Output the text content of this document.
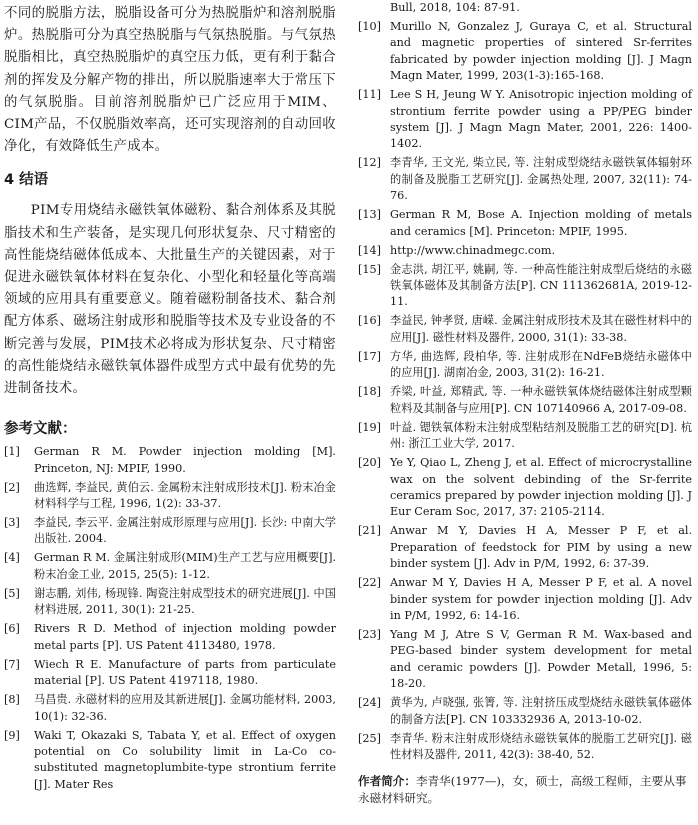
不同的脱脂方法，脱脂设备可分为热脱脂炉和溶剂脱脂炉。热脱脂可分为真空热脱脂与气氛热脱脂。与气氛热脱脂相比，真空热脱脂炉的真空压力低，更有利于黏合剂的挥发及分解产物的排出，所以脱脂速率大于常压下的气氛脱脂。目前溶剂脱脂炉已广泛应用于MIM、CIM产品，不仅脱脂效率高，还可实现溶剂的自动回收净化，有效降低生产成本。

4 结语

PIM专用烧结永磁铁氧体磁粉、黏合剂体系及其脱脂技术和生产装备，是实现几何形状复杂、尺寸精密的高性能烧结磁体低成本、大批量生产的关键因素，对于促进永磁铁氧体材料在复杂化、小型化和轻量化等高端领域的应用具有重要意义。随着磁粉制备技术、黏合剂配方体系、磁场注射成形和脱脂等技术及专业设备的不断完善与发展，PIM技术必将成为形状复杂、尺寸精密的高性能烧结永磁铁氧体器件成型方式中最有优势的先进制备技术。

参考文献：
[1]	German R M. Powder injection molding [M]. Princeton, NJ: MPIF, 1990.
[2]	曲选辉, 李益民, 黄伯云. 金属粉末注射成形技术[J]. 粉末冶金材料科学与工程, 1996, 1(2): 33-37.
[3]	李益民, 李云平. 金属注射成形原理与应用[J]. 长沙: 中南大学出版社. 2004.
[4]	German R M. 金属注射成形(MIM)生产工艺与应用概要[J]. 粉末冶金工业, 2015, 25(5): 1-12.
[5]	谢志鹏, 刘伟, 杨现锋. 陶瓷注射成型技术的研究进展[J]. 中国材料进展, 2011, 30(1): 21-25.
[6]	Rivers R D. Method of injection molding powder metal parts [P]. US Patent 4113480, 1978.
[7]	Wiech R E. Manufacture of parts from particulate material [P]. US Patent 4197118, 1980.
[8]	马昌贵. 永磁材料的应用及其新进展[J]. 金属功能材料, 2003, 10(1): 32-36.
[9]	Waki T, Okazaki S, Tabata Y, et al. Effect of oxygen potential on Co solubility limit in La-Co co-substituted magnetoplumbite-type strontium ferrite [J]. Mater Res
Bull, 2018, 104: 87-91.
[10] Murillo N, Gonzalez J, Guraya C, et al. Structural and magnetic properties of sintered Sr-ferrites fabricated by powder injection molding [J]. J Magn Magn Mater, 1999, 203(1-3):165-168.
[11] Lee S H, Jeung W Y. Anisotropic injection molding of strontium ferrite powder using a PP/PEG binder system [J]. J Magn Magn Mater, 2001, 226: 1400-1402.
[12] 李青华, 王文光, 柴立民, 等. 注射成型烧结永磁铁氧体辐射环的制备及脱脂工艺研究[J]. 金属热处理, 2007, 32(11): 74-76.
[13] German R M, Bose A. Injection molding of metals and ceramics [M]. Princeton: MPIF, 1995.
[14] http://www.chinadmegc.com.
[15] 金志洪, 胡江平, 姚嗣, 等. 一种高性能注射成型后烧结的永磁铁氧体磁体及其制备方法[P]. CN 111362681A, 2019-12-11.
[16] 李益民, 钟孝贤, 唐嵘. 金属注射成形技术及其在磁性材料中的应用[J]. 磁性材料及器件, 2000, 31(1): 33-38.
[17] 方华, 曲选辉, 段柏华, 等. 注射成形在NdFeB烧结永磁体中的应用[J]. 湖南冶金, 2003, 31(2): 16-21.
[18] 乔梁, 叶益, 郑精武, 等. 一种永磁铁氧体烧结磁体注射成型颗粒料及其制备与应用[P]. CN 107140966 A, 2017-09-08.
[19] 叶益. 锶铁氧体粉末注射成型粘结剂及脱脂工艺的研究[D]. 杭州: 浙江工业大学, 2017.
[20] Ye Y, Qiao L, Zheng J, et al. Effect of microcrystalline wax on the solvent debinding of the Sr-ferrite ceramics prepared by powder injection molding [J]. J Eur Ceram Soc, 2017, 37: 2105-2114.
[21] Anwar M Y, Davies H A, Messer P F, et al. Preparation of feedstock for PIM by using a new binder system [J]. Adv in P/M, 1992, 6: 37-39.
[22] Anwar M Y, Davies H A, Messer P F, et al. A novel binder system for powder injection molding [J]. Adv in P/M, 1992, 6: 14-16.
[23] Yang M J, Atre S V, German R M. Wax-based and PEG-based binder system development for metal and ceramic powders [J]. Powder Metall, 1996, 5: 18-20.
[24] 黄华为, 卢晓强, 张箐, 等. 注射挤压成型烧结永磁铁氧体磁体的制备方法[P]. CN 103332936 A, 2013-10-02.
[25] 李青华. 粉末注射成形烧结永磁铁氧体的脱脂工艺研究[J]. 磁性材料及器件, 2011, 42(3): 38-40, 52.
作者简介：李青华(1977—)，女，硕士，高级工程师，主要从事永磁材料研究。
